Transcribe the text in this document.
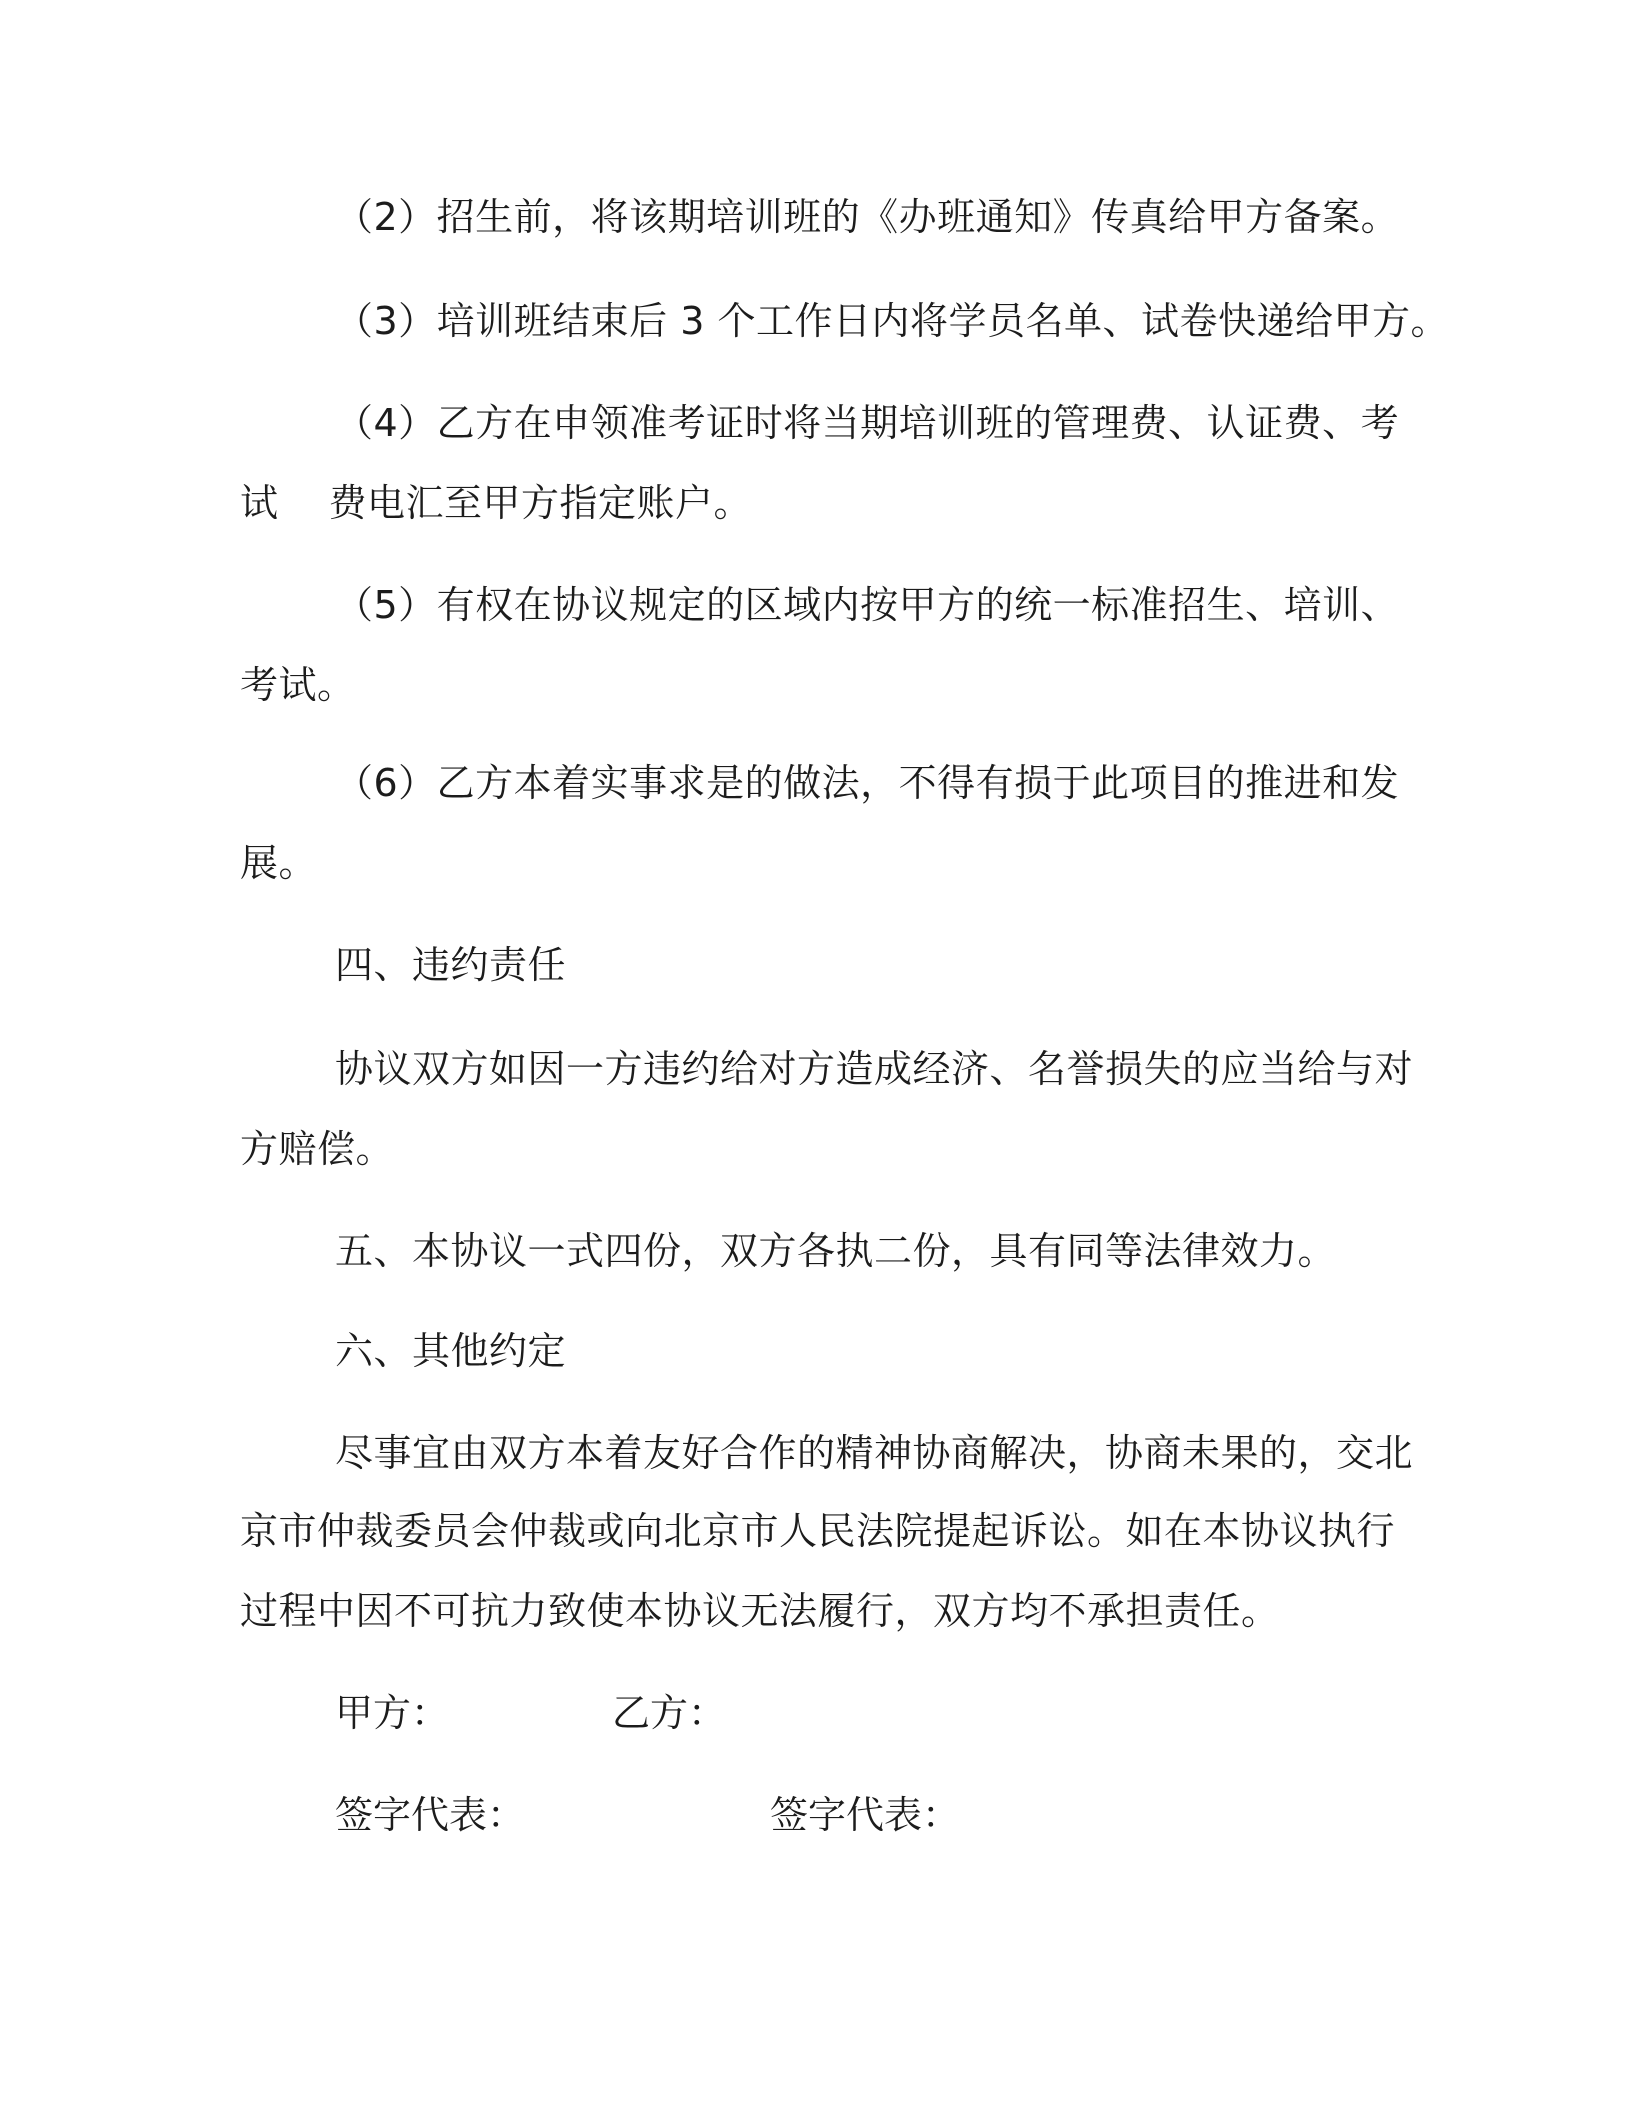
（2）招生前，将该期培训班的《办班通知》传真给甲方备案。
（3）培训班结束后 3 个工作日内将学员名单、试卷快递给甲方。
（4）乙方在申领准考证时将当期培训班的管理费、认证费、考
试 费电汇至甲方指定账户。
（5）有权在协议规定的区域内按甲方的统一标准招生、培训、
考试。
（6）乙方本着实事求是的做法，不得有损于此项目的推进和发
展。
四、违约责任
协议双方如因一方违约给对方造成经济、名誉损失的应当给与对
方赔偿。
五、本协议一式四份，双方各执二份，具有同等法律效力。
六、其他约定
尽事宜由双方本着友好合作的精神协商解决，协商未果的，交北
京市仲裁委员会仲裁或向北京市人民法院提起诉讼。如在本协议执行
过程中因不可抗力致使本协议无法履行，双方均不承担责任。
甲方：	乙方：
签字代表：	签字代表：
